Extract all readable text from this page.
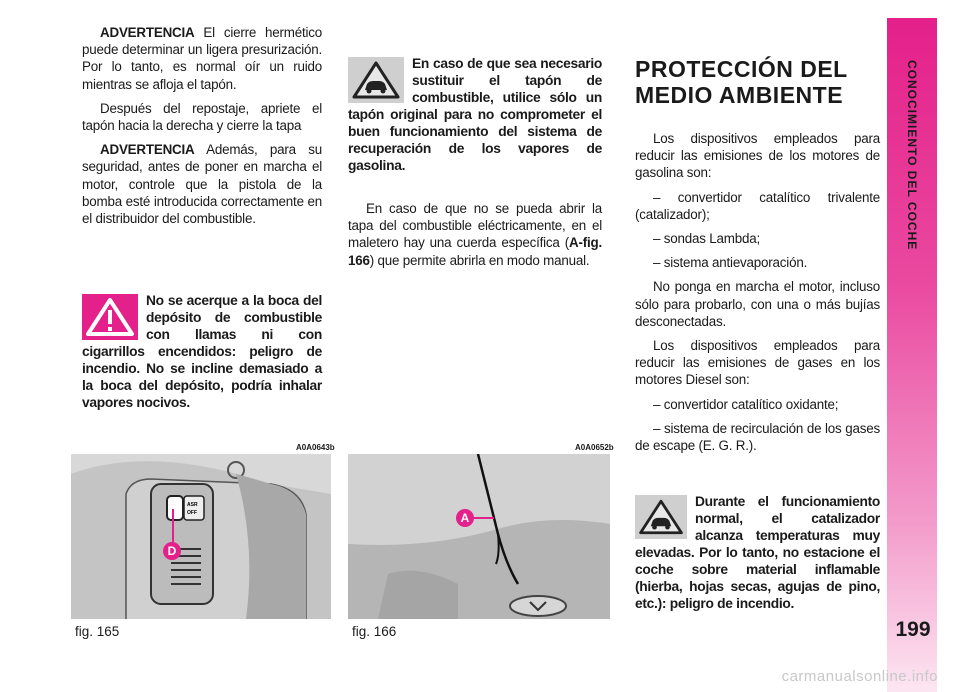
CONOCIMIENTO DEL COCHE
199

ADVERTENCIA El cierre hermético puede determinar un ligera presurización. Por lo tanto, es normal oír un ruido mientras se afloja el tapón.

Después del repostaje, apriete el tapón hacia la derecha y cierre la tapa

ADVERTENCIA Además, para su seguridad, antes de poner en marcha el motor, controle que la pistola de la bomba esté introducida correctamente en el distribuidor del combustible.

No se acerque a la boca del depósito de combustible con llamas ni con cigarrillos encendidos: peligro de incendio. No se incline demasiado a la boca del depósito, podría inhalar vapores nocivos.
A0A0643b
ASR
OFF
D
fig. 165
En caso de que sea necesario sustituir el tapón de combustible, utilice sólo un tapón original para no comprometer el buen funcionamiento del sistema de recuperación de los vapores de gasolina.

En caso de que no se pueda abrir la tapa del combustible eléctricamente, en el maletero hay una cuerda específica (A-fig. 166) que permite abrirla en modo manual.

A0A0652b
A
fig. 166
PROTECCIÓN DEL
MEDIO AMBIENTE

Los dispositivos empleados para reducir las emisiones de los motores de gasolina son:

– convertidor catalítico trivalente (catalizador);

– sondas Lambda;

– sistema antievaporación.

No ponga en marcha el motor, incluso sólo para probarlo, con una o más bujías desconectadas.

Los dispositivos empleados para reducir las emisiones de gases en los motores Diesel son:

– convertidor catalítico oxidante;

– sistema de recirculación de los gases de escape (E. G. R.).

Durante el funcionamiento normal, el catalizador alcanza temperaturas muy elevadas. Por lo tanto, no estacione el coche sobre material inflamable (hierba, hojas secas, agujas de pino, etc.): peligro de incendio.
carmanualsonline.info
